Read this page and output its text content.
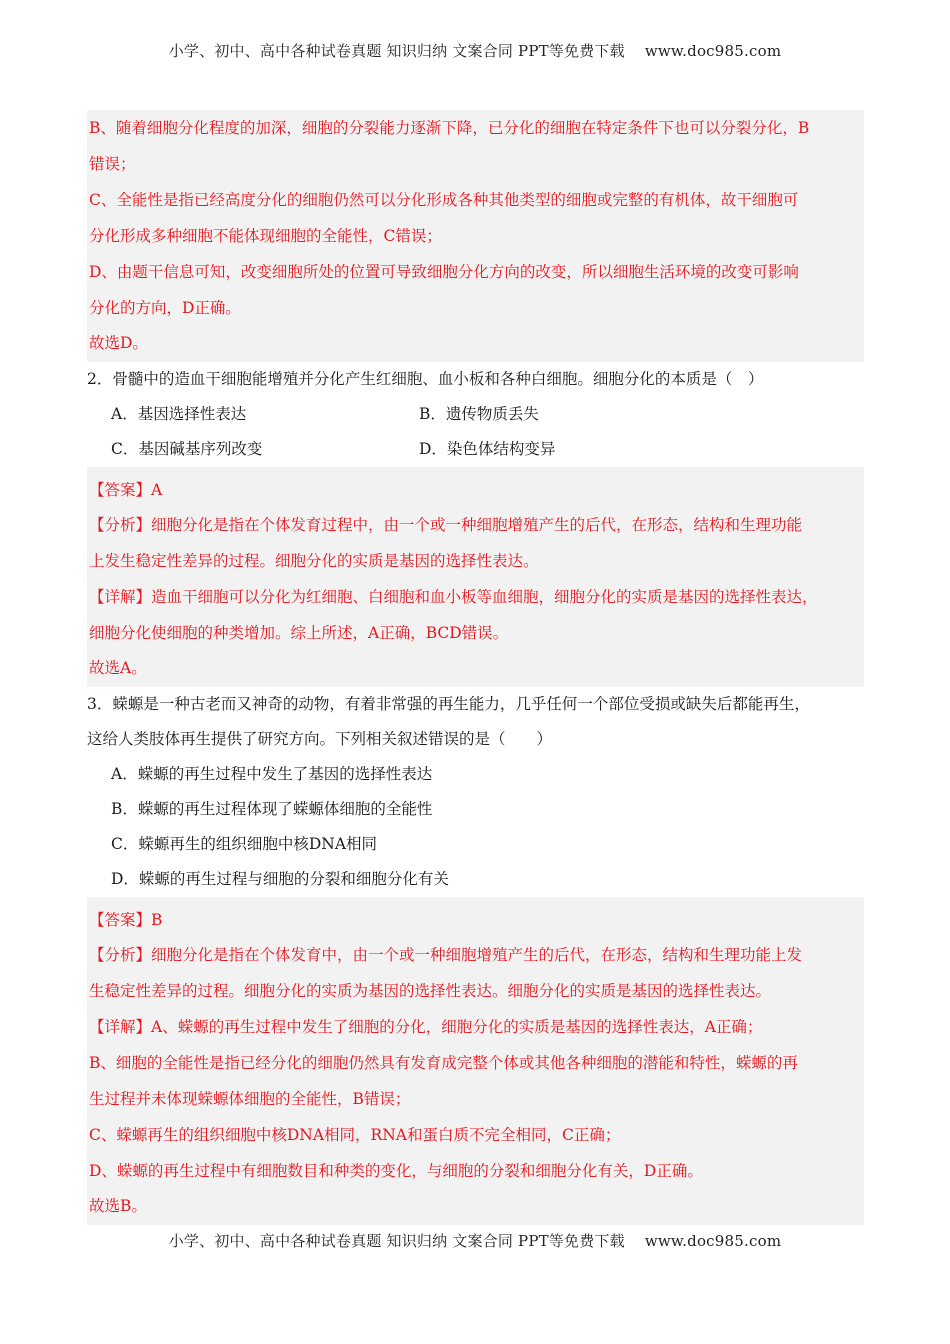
小学、初中、高中各种试卷真题 知识归纳 文案合同 PPT等免费下载 www.doc985.com

B、随着细胞分化程度的加深，细胞的分裂能力逐渐下降，已分化的细胞在特定条件下也可以分裂分化，B

错误；

C、全能性是指已经高度分化的细胞仍然可以分化形成各种其他类型的细胞或完整的有机体，故干细胞可

分化形成多种细胞不能体现细胞的全能性，C错误；

D、由题干信息可知，改变细胞所处的位置可导致细胞分化方向的改变，所以细胞生活环境的改变可影响

分化的方向，D正确。

故选D。

2．骨髓中的造血干细胞能增殖并分化产生红细胞、血小板和各种白细胞。细胞分化的本质是（　）

A．基因选择性表达	B．遗传物质丢失
C．基因碱基序列改变	D．染色体结构变异

【答案】A

【分析】细胞分化是指在个体发育过程中，由一个或一种细胞增殖产生的后代，在形态，结构和生理功能

上发生稳定性差异的过程。细胞分化的实质是基因的选择性表达。

【详解】造血干细胞可以分化为红细胞、白细胞和血小板等血细胞，细胞分化的实质是基因的选择性表达，

细胞分化使细胞的种类增加。综上所述，A正确，BCD错误。

故选A。

3．蝾螈是一种古老而又神奇的动物，有着非常强的再生能力，几乎任何一个部位受损或缺失后都能再生，

这给人类肢体再生提供了研究方向。下列相关叙述错误的是（　　）

A．蝾螈的再生过程中发生了基因的选择性表达
B．蝾螈的再生过程体现了蝾螈体细胞的全能性
C．蝾螈再生的组织细胞中核DNA相同
D．蝾螈的再生过程与细胞的分裂和细胞分化有关

【答案】B

【分析】细胞分化是指在个体发育中，由一个或一种细胞增殖产生的后代，在形态，结构和生理功能上发

生稳定性差异的过程。细胞分化的实质为基因的选择性表达。细胞分化的实质是基因的选择性表达。

【详解】A、蝾螈的再生过程中发生了细胞的分化，细胞分化的实质是基因的选择性表达，A正确；

B、细胞的全能性是指已经分化的细胞仍然具有发育成完整个体或其他各种细胞的潜能和特性，蝾螈的再

生过程并未体现蝾螈体细胞的全能性，B错误；

C、蝾螈再生的组织细胞中核DNA相同，RNA和蛋白质不完全相同，C正确；

D、蝾螈的再生过程中有细胞数目和种类的变化，与细胞的分裂和细胞分化有关，D正确。

故选B。

小学、初中、高中各种试卷真题 知识归纳 文案合同 PPT等免费下载 www.doc985.com
